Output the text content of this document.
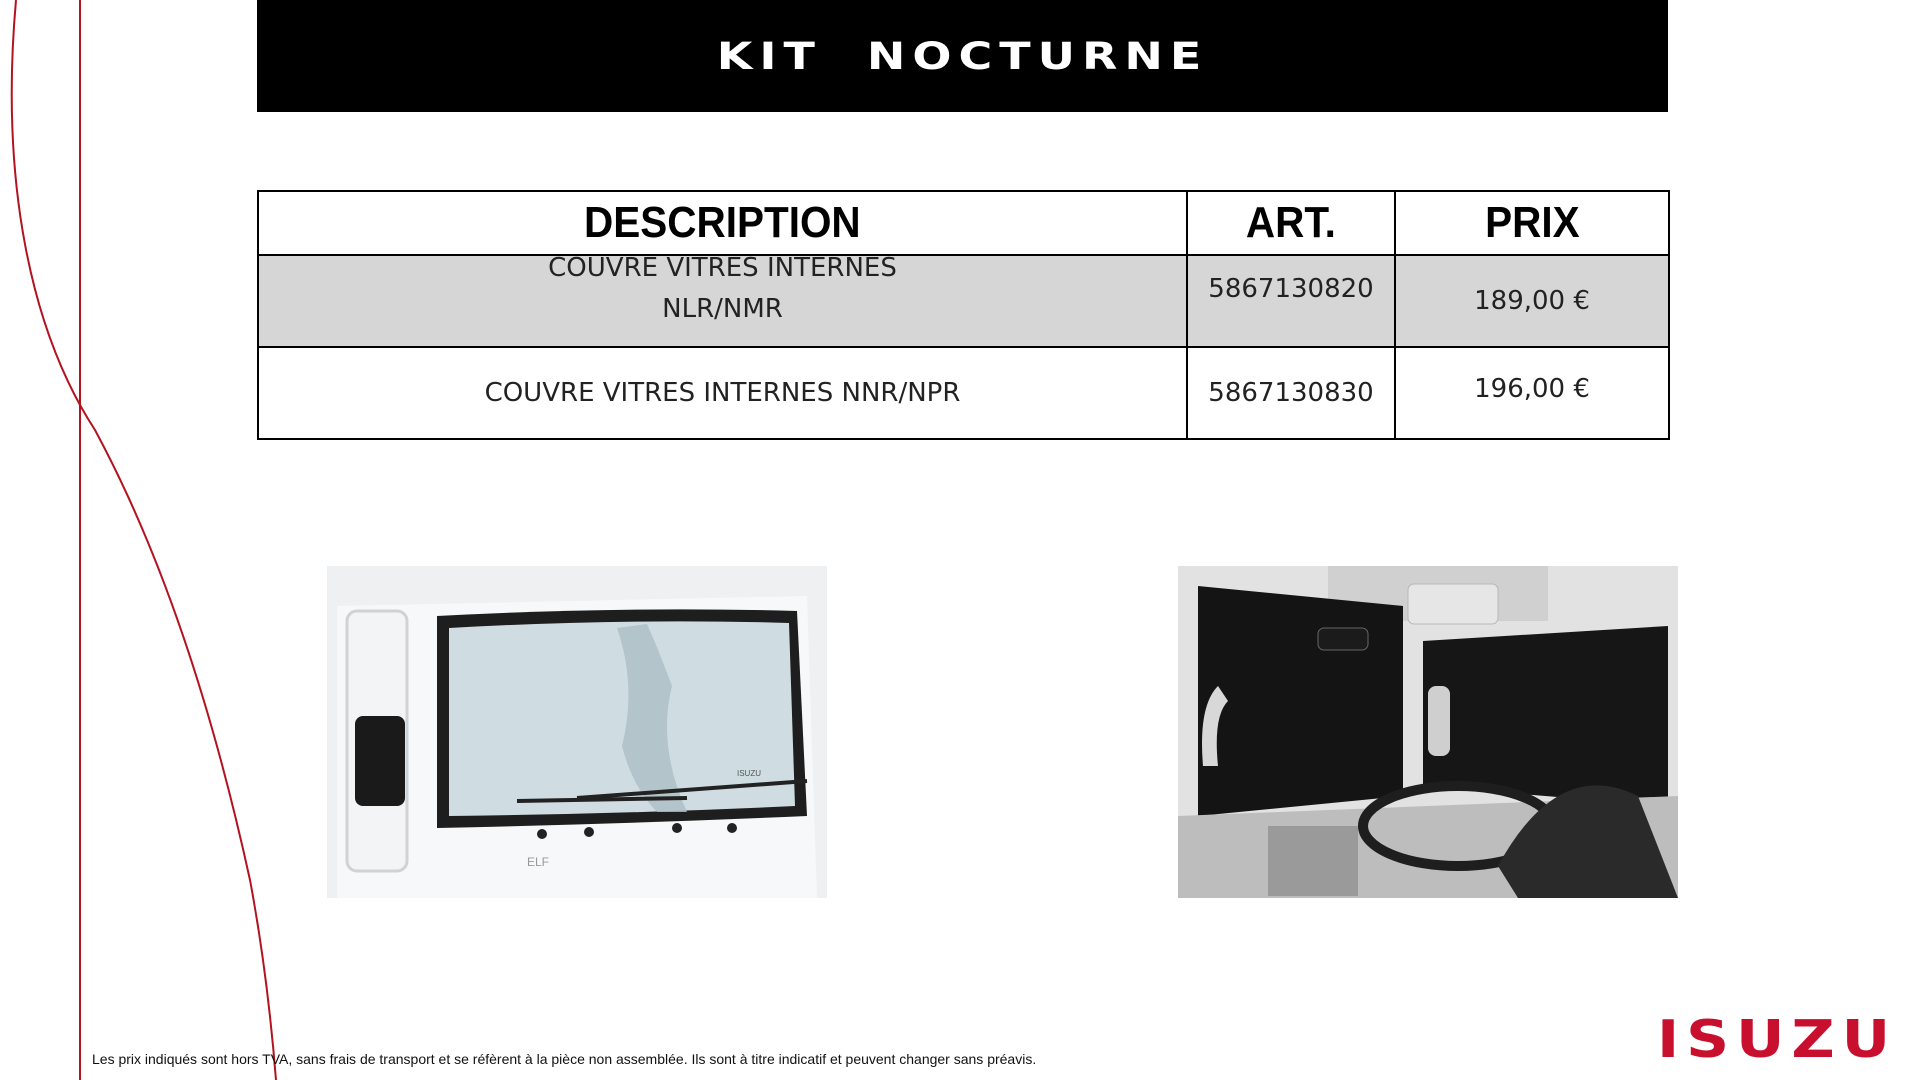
KIT NOCTURNE
DESCRIPTION	ART.	PRIX

COUVRE VITRES INTERNES
NLR/NMR	5867130820	189,00 €

COUVRE VITRES INTERNES NNR/NPR	5867130830	196,00 €
ISUZU
ELF
Les prix indiqués sont hors TVA, sans frais de transport et se réfèrent à la pièce non assemblée. Ils sont à titre indicatif et peuvent changer sans préavis.	ISUZU
